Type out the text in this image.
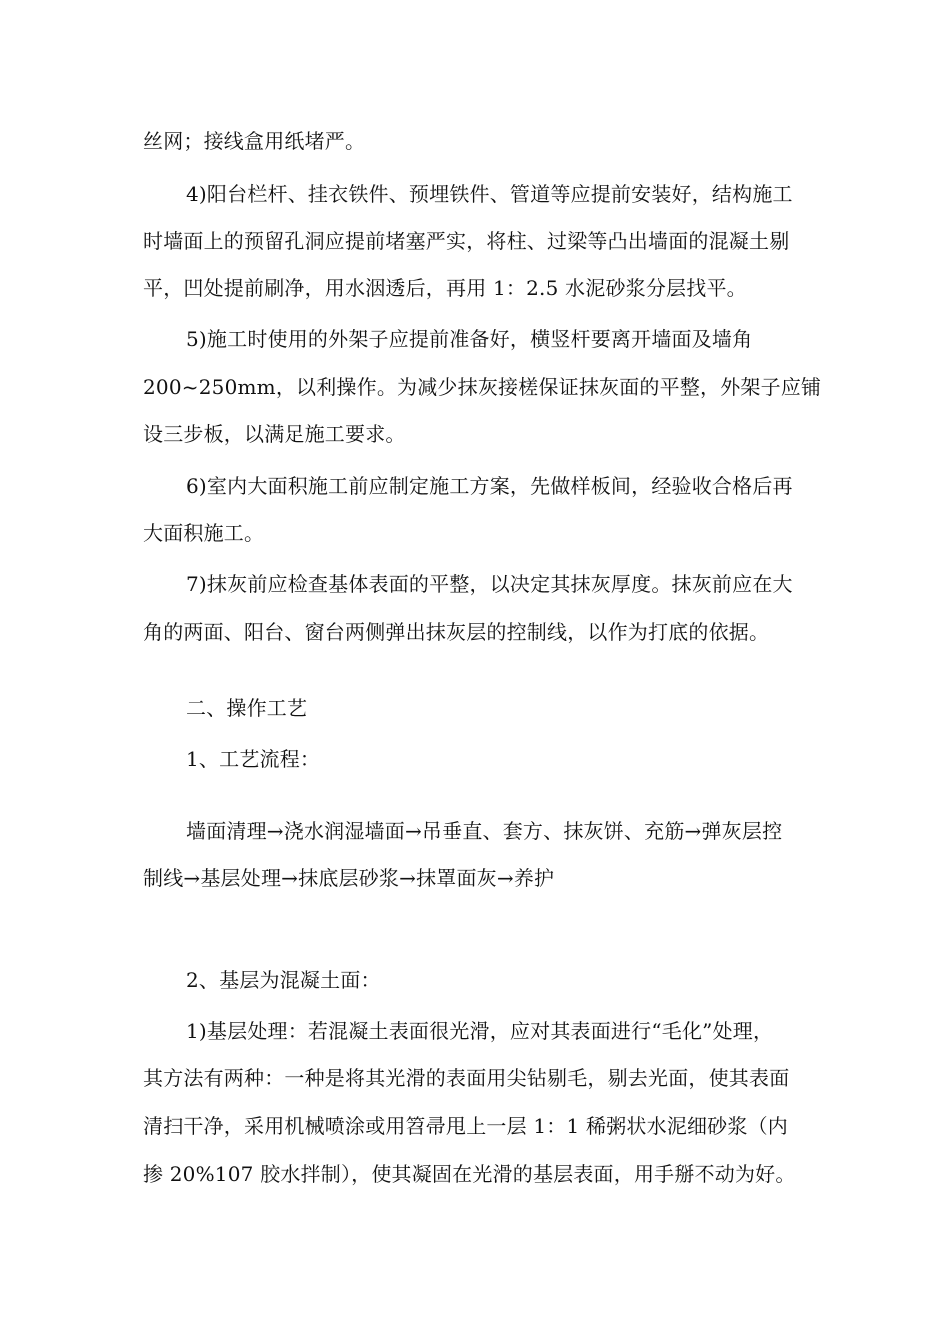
丝网；接线盒用纸堵严。
4)阳台栏杆、挂衣铁件、预埋铁件、管道等应提前安装好，结构施工
时墙面上的预留孔洞应提前堵塞严实，将柱、过梁等凸出墙面的混凝土剔
平，凹处提前刷净，用水洇透后，再用 1：2.5 水泥砂浆分层找平。
5)施工时使用的外架子应提前准备好，横竖杆要离开墙面及墙角
200~250mm，以利操作。为减少抹灰接槎保证抹灰面的平整，外架子应铺
设三步板，以满足施工要求。
6)室内大面积施工前应制定施工方案，先做样板间，经验收合格后再
大面积施工。
7)抹灰前应检查基体表面的平整，以决定其抹灰厚度。抹灰前应在大
角的两面、阳台、窗台两侧弹出抹灰层的控制线，以作为打底的依据。
二、操作工艺
1、工艺流程：
墙面清理→浇水润湿墙面→吊垂直、套方、抹灰饼、充筋→弹灰层控
制线→基层处理→抹底层砂浆→抹罩面灰→养护
2、基层为混凝土面：
1)基层处理：若混凝土表面很光滑，应对其表面进行“毛化”处理，
其方法有两种：一种是将其光滑的表面用尖钻剔毛，剔去光面，使其表面
清扫干净，采用机械喷涂或用笤帚甩上一层 1：1 稀粥状水泥细砂浆（内
掺 20%107 胶水拌制），使其凝固在光滑的基层表面，用手掰不动为好。
